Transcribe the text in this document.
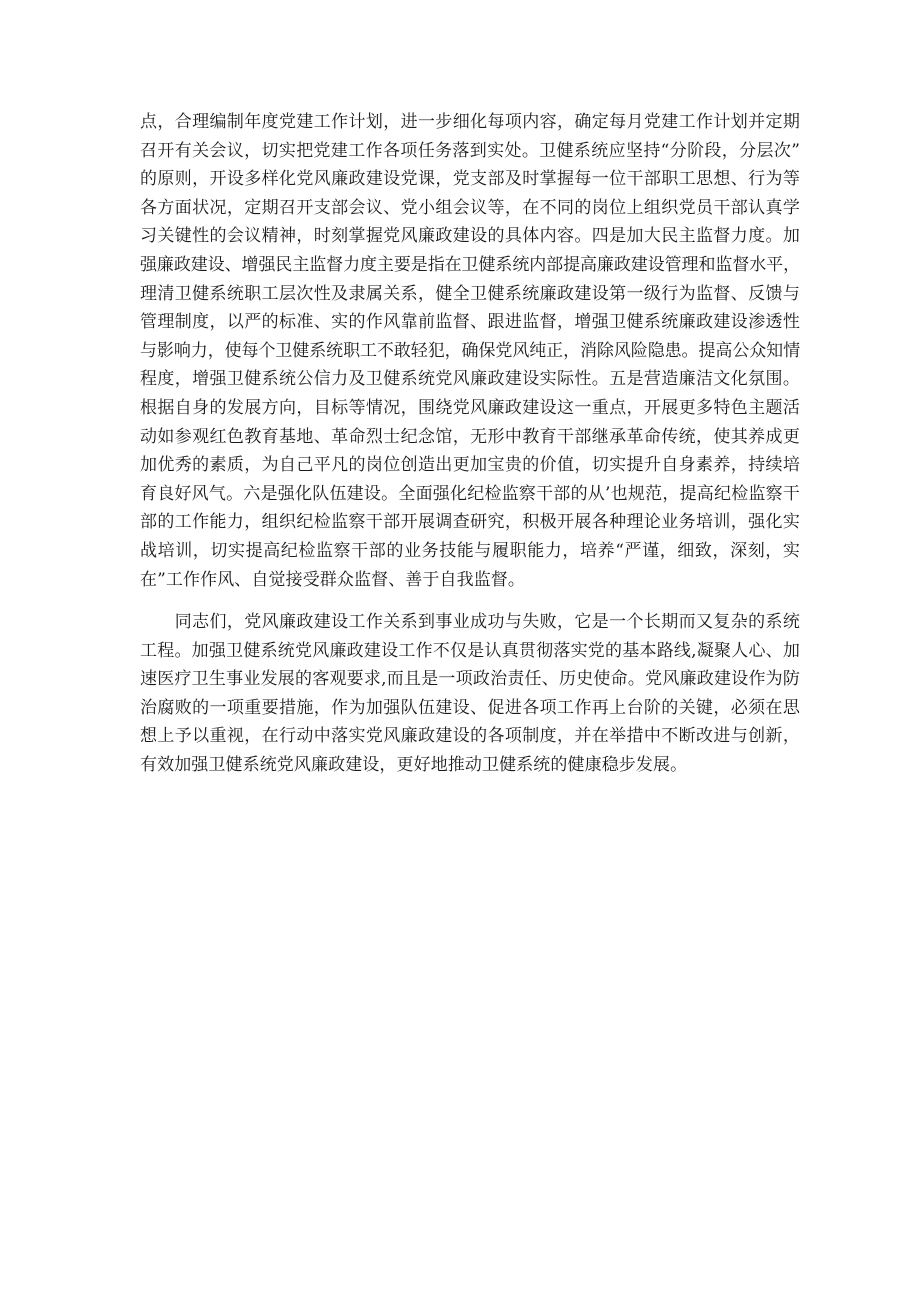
点，合理编制年度党建工作计划，进一步细化每项内容，确定每月党建工作计划并定期
召开有关会议，切实把党建工作各项任务落到实处。卫健系统应坚持“分阶段，分层次”
的原则，开设多样化党风廉政建设党课，党支部及时掌握每一位干部职工思想、行为等
各方面状况，定期召开支部会议、党小组会议等，在不同的岗位上组织党员干部认真学
习关键性的会议精神，时刻掌握党风廉政建设的具体内容。四是加大民主监督力度。加
强廉政建设、增强民主监督力度主要是指在卫健系统内部提高廉政建设管理和监督水平，
理清卫健系统职工层次性及隶属关系，健全卫健系统廉政建设第一级行为监督、反馈与
管理制度，以严的标准、实的作风靠前监督、跟进监督，增强卫健系统廉政建设渗透性
与影响力，使每个卫健系统职工不敢轻犯，确保党风纯正，消除风险隐患。提高公众知情
程度，增强卫健系统公信力及卫健系统党风廉政建设实际性。五是营造廉洁文化氛围。
根据自身的发展方向，目标等情况，围绕党风廉政建设这一重点，开展更多特色主题活
动如参观红色教育基地、革命烈士纪念馆，无形中教育干部继承革命传统，使其养成更
加优秀的素质，为自己平凡的岗位创造出更加宝贵的价值，切实提升自身素养，持续培
育良好风气。六是强化队伍建设。全面强化纪检监察干部的从’也规范，提高纪检监察干
部的工作能力，组织纪检监察干部开展调查研究，积极开展各种理论业务培训，强化实
战培训，切实提高纪检监察干部的业务技能与履职能力，培养“严谨，细致，深刻，实
在”工作作风、自觉接受群众监督、善于自我监督。
　　同志们，党风廉政建设工作关系到事业成功与失败，它是一个长期而又复杂的系统
工程。加强卫健系统党风廉政建设工作不仅是认真贯彻落实党的基本路线,凝聚人心、加
速医疗卫生事业发展的客观要求,而且是一项政治责任、历史使命。党风廉政建设作为防
治腐败的一项重要措施，作为加强队伍建设、促进各项工作再上台阶的关键，必须在思
想上予以重视，在行动中落实党风廉政建设的各项制度，并在举措中不断改进与创新，
有效加强卫健系统党风廉政建设，更好地推动卫健系统的健康稳步发展。
